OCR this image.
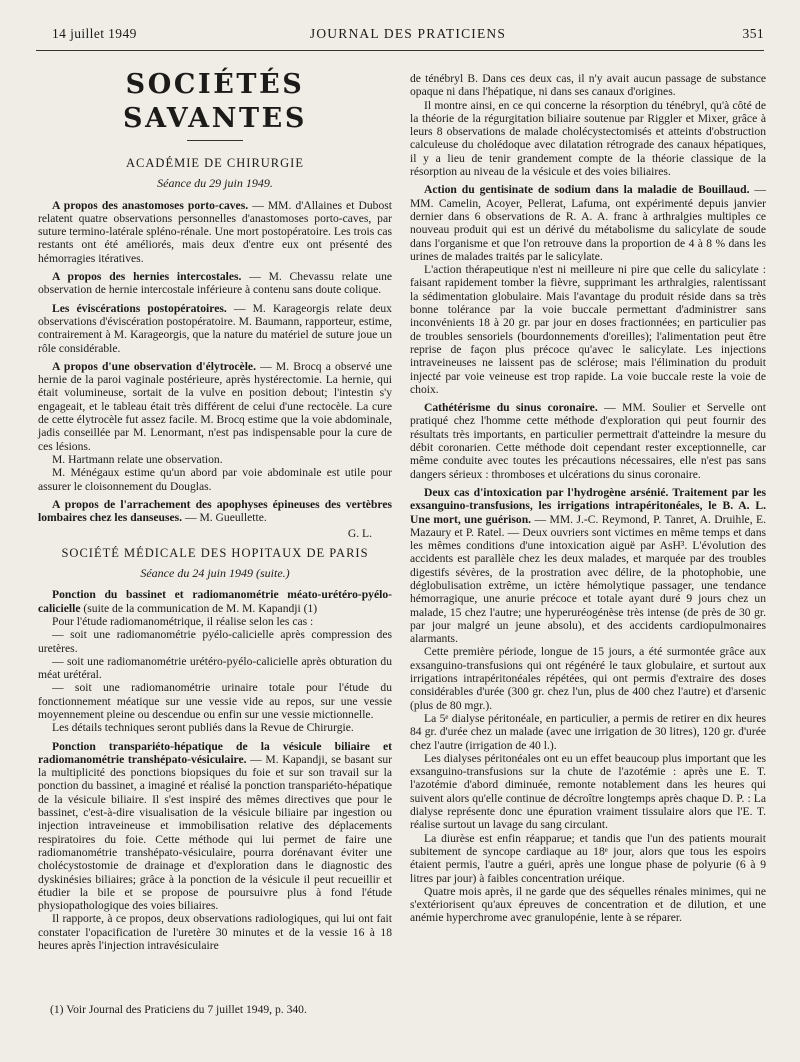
14 juillet 1949	JOURNAL DES PRATICIENS	351
SOCIÉTÉS SAVANTES
ACADÉMIE DE CHIRURGIE
Séance du 29 juin 1949.

A propos des anastomoses porto-caves. — MM. d'Allaines et Dubost relatent quatre observations personnelles d'anastomoses porto-caves, par suture termino-latérale spléno-rénale. Une mort postopératoire. Les trois cas restants ont été améliorés, mais deux d'entre eux ont présenté des hémorragies itératives.

A propos des hernies intercostales. — M. Chevassu relate une observation de hernie intercostale inférieure à contenu sans doute colique.

Les éviscérations postopératoires. — M. Karageorgis relate deux observations d'éviscération postopératoire. M. Baumann, rapporteur, estime, contrairement à M. Karageorgis, que la nature du matériel de suture joue un rôle considérable.

A propos d'une observation d'élytrocèle. — M. Brocq a observé une hernie de la paroi vaginale postérieure, après hystérectomie. La hernie, qui était volumineuse, sortait de la vulve en position debout; l'intestin s'y engageait, et le tableau était très différent de celui d'une rectocèle. La cure de cette élytrocèle fut assez facile. M. Brocq estime que la voie abdominale, jadis conseillée par M. Lenormant, n'est pas indispensable pour la cure de ces lésions.

M. Hartmann relate une observation.

M. Ménégaux estime qu'un abord par voie abdominale est utile pour assurer le cloisonnement du Douglas.

A propos de l'arrachement des apophyses épineuses des vertèbres lombaires chez les danseuses. — M. Gueullette.

G. L.
SOCIÉTÉ MÉDICALE DES HOPITAUX DE PARIS
Séance du 24 juin 1949 (suite.)

Ponction du bassinet et radiomanométrie méato-urétéro-pyélo-calicielle (suite de la communication de M. M. Kapandji (1)

Pour l'étude radiomanométrique, il réalise selon les cas :

— soit une radiomanométrie pyélo-calicielle après compression des uretères.

— soit une radiomanométrie urétéro-pyélo-calicielle après obturation du méat urétéral.

— soit une radiomanométrie urinaire totale pour l'étude du fonctionnement méatique sur une vessie vide au repos, sur une vessie moyennement pleine ou descendue ou enfin sur une vessie mictionnelle.

Les détails techniques seront publiés dans la Revue de Chirurgie.

Ponction transpariéto-hépatique de la vésicule biliaire et radiomanométrie transhépato-vésiculaire. — M. Kapandji, se basant sur la multiplicité des ponctions biopsiques du foie et sur son travail sur la ponction du bassinet, a imaginé et réalisé la ponction transpariéto-hépatique de la vésicule biliaire. Il s'est inspiré des mêmes directives que pour le bassinet, c'est-à-dire visualisation de la vésicule biliaire par ingestion ou injection intraveineuse et immobilisation relative des déplacements respiratoires du foie. Cette méthode qui lui permet de faire une radiomanométrie transhépato-vésiculaire, pourra dorénavant éviter une cholécystostomie de drainage et d'exploration dans le diagnostic des dyskinésies biliaires; grâce à la ponction de la vésicule il peut recueillir et étudier la bile et se propose de poursuivre plus à fond l'étude physiopathologique des voies biliaires.

Il rapporte, à ce propos, deux observations radiologiques, qui lui ont fait constater l'opacification de l'uretère 30 minutes et de la vessie 16 à 18 heures après l'injection intravésiculaire

(1) Voir Journal des Praticiens du 7 juillet 1949, p. 340.

de ténébryl B. Dans ces deux cas, il n'y avait aucun passage de substance opaque ni dans l'hépatique, ni dans ses canaux d'origines.

Il montre ainsi, en ce qui concerne la résorption du ténébryl, qu'à côté de la théorie de la régurgitation biliaire soutenue par Riggler et Mixer, grâce à leurs 8 observations de malade cholécystectomisés et atteints d'obstruction calculeuse du cholédoque avec dilatation rétrograde des canaux hépatiques, il y a lieu de tenir grandement compte de la théorie classique de la résorption au niveau de la vésicule et des voies biliaires.

Action du gentisinate de sodium dans la maladie de Bouillaud. — MM. Camelin, Acoyer, Pellerat, Lafuma, ont expérimenté depuis janvier dernier dans 6 observations de R. A. A. franc à arthralgies multiples ce nouveau produit qui est un dérivé du métabolisme du salicylate de soude dans l'organisme et que l'on retrouve dans la proportion de 4 à 8 % dans les urines de malades traités par le salicylate.

L'action thérapeutique n'est ni meilleure ni pire que celle du salicylate : faisant rapidement tomber la fièvre, supprimant les arthralgies, ralentissant la sédimentation globulaire. Mais l'avantage du produit réside dans sa très bonne tolérance par la voie buccale permettant d'administrer sans inconvénients 18 à 20 gr. par jour en doses fractionnées; en particulier pas de troubles sensoriels (bourdonnements d'oreilles); l'alimentation peut être reprise de façon plus précoce qu'avec le salicylate. Les injections intraveineuses ne laissent pas de sclérose; mais l'élimination du produit injecté par voie veineuse est trop rapide. La voie buccale reste la voie de choix.

Cathétérisme du sinus coronaire. — MM. Soulier et Servelle ont pratiqué chez l'homme cette méthode d'exploration qui peut fournir des résultats très importants, en particulier permettrait d'atteindre la mesure du débit coronarien. Cette méthode doit cependant rester exceptionnelle, car même conduite avec toutes les précautions nécessaires, elle n'est pas sans dangers sérieux : thromboses et ulcérations du sinus coronaire.

Deux cas d'intoxication par l'hydrogène arsénié. Traitement par les exsanguino-transfusions, les irrigations intrapéritonéales, le B. A. L. Une mort, une guérison. — MM. J.-C. Reymond, P. Tanret, A. Druihle, E. Mazaury et P. Ratel. — Deux ouvriers sont victimes en même temps et dans les mêmes conditions d'une intoxication aiguë par AsH³. L'évolution des accidents est parallèle chez les deux malades, et marquée par des troubles digestifs sévères, de la prostration avec délire, de la photophobie, une déglobulisation extrême, un ictère hémolytique passager, une tendance hémorragique, une anurie précoce et totale ayant duré 9 jours chez un malade, 15 chez l'autre; une hyperuréogénèse très intense (de près de 30 gr. par jour malgré un jeune absolu), et des accidents cardiopulmonaires alarmants.

Cette première période, longue de 15 jours, a été surmontée grâce aux exsanguino-transfusions qui ont régénéré le taux globulaire, et surtout aux irrigations intrapéritonéales répétées, qui ont permis d'extraire des doses considérables d'urée (300 gr. chez l'un, plus de 400 chez l'autre) et d'arsenic (plus de 80 mgr.).

La 5ᵉ dialyse péritonéale, en particulier, a permis de retirer en dix heures 84 gr. d'urée chez un malade (avec une irrigation de 30 litres), 120 gr. d'urée chez l'autre (irrigation de 40 l.).

Les dialyses péritonéales ont eu un effet beaucoup plus important que les exsanguino-transfusions sur la chute de l'azotémie : après une E. T. l'azotémie d'abord diminuée, remonte notablement dans les heures qui suivent alors qu'elle continue de décroître longtemps après chaque D. P. : La dialyse représente donc une épuration vraiment tissulaire alors que l'E. T. réalise surtout un lavage du sang circulant.

La diurèse est enfin réapparue; et tandis que l'un des patients mourait subitement de syncope cardiaque au 18ᵉ jour, alors que tous les espoirs étaient permis, l'autre a guéri, après une longue phase de polyurie (6 à 9 litres par jour) à faibles concentration uréique.

Quatre mois après, il ne garde que des séquelles rénales minimes, qui ne s'extériorisent qu'aux épreuves de concentration et de dilution, et une anémie hyperchrome avec granulopénie, lente à se réparer.
